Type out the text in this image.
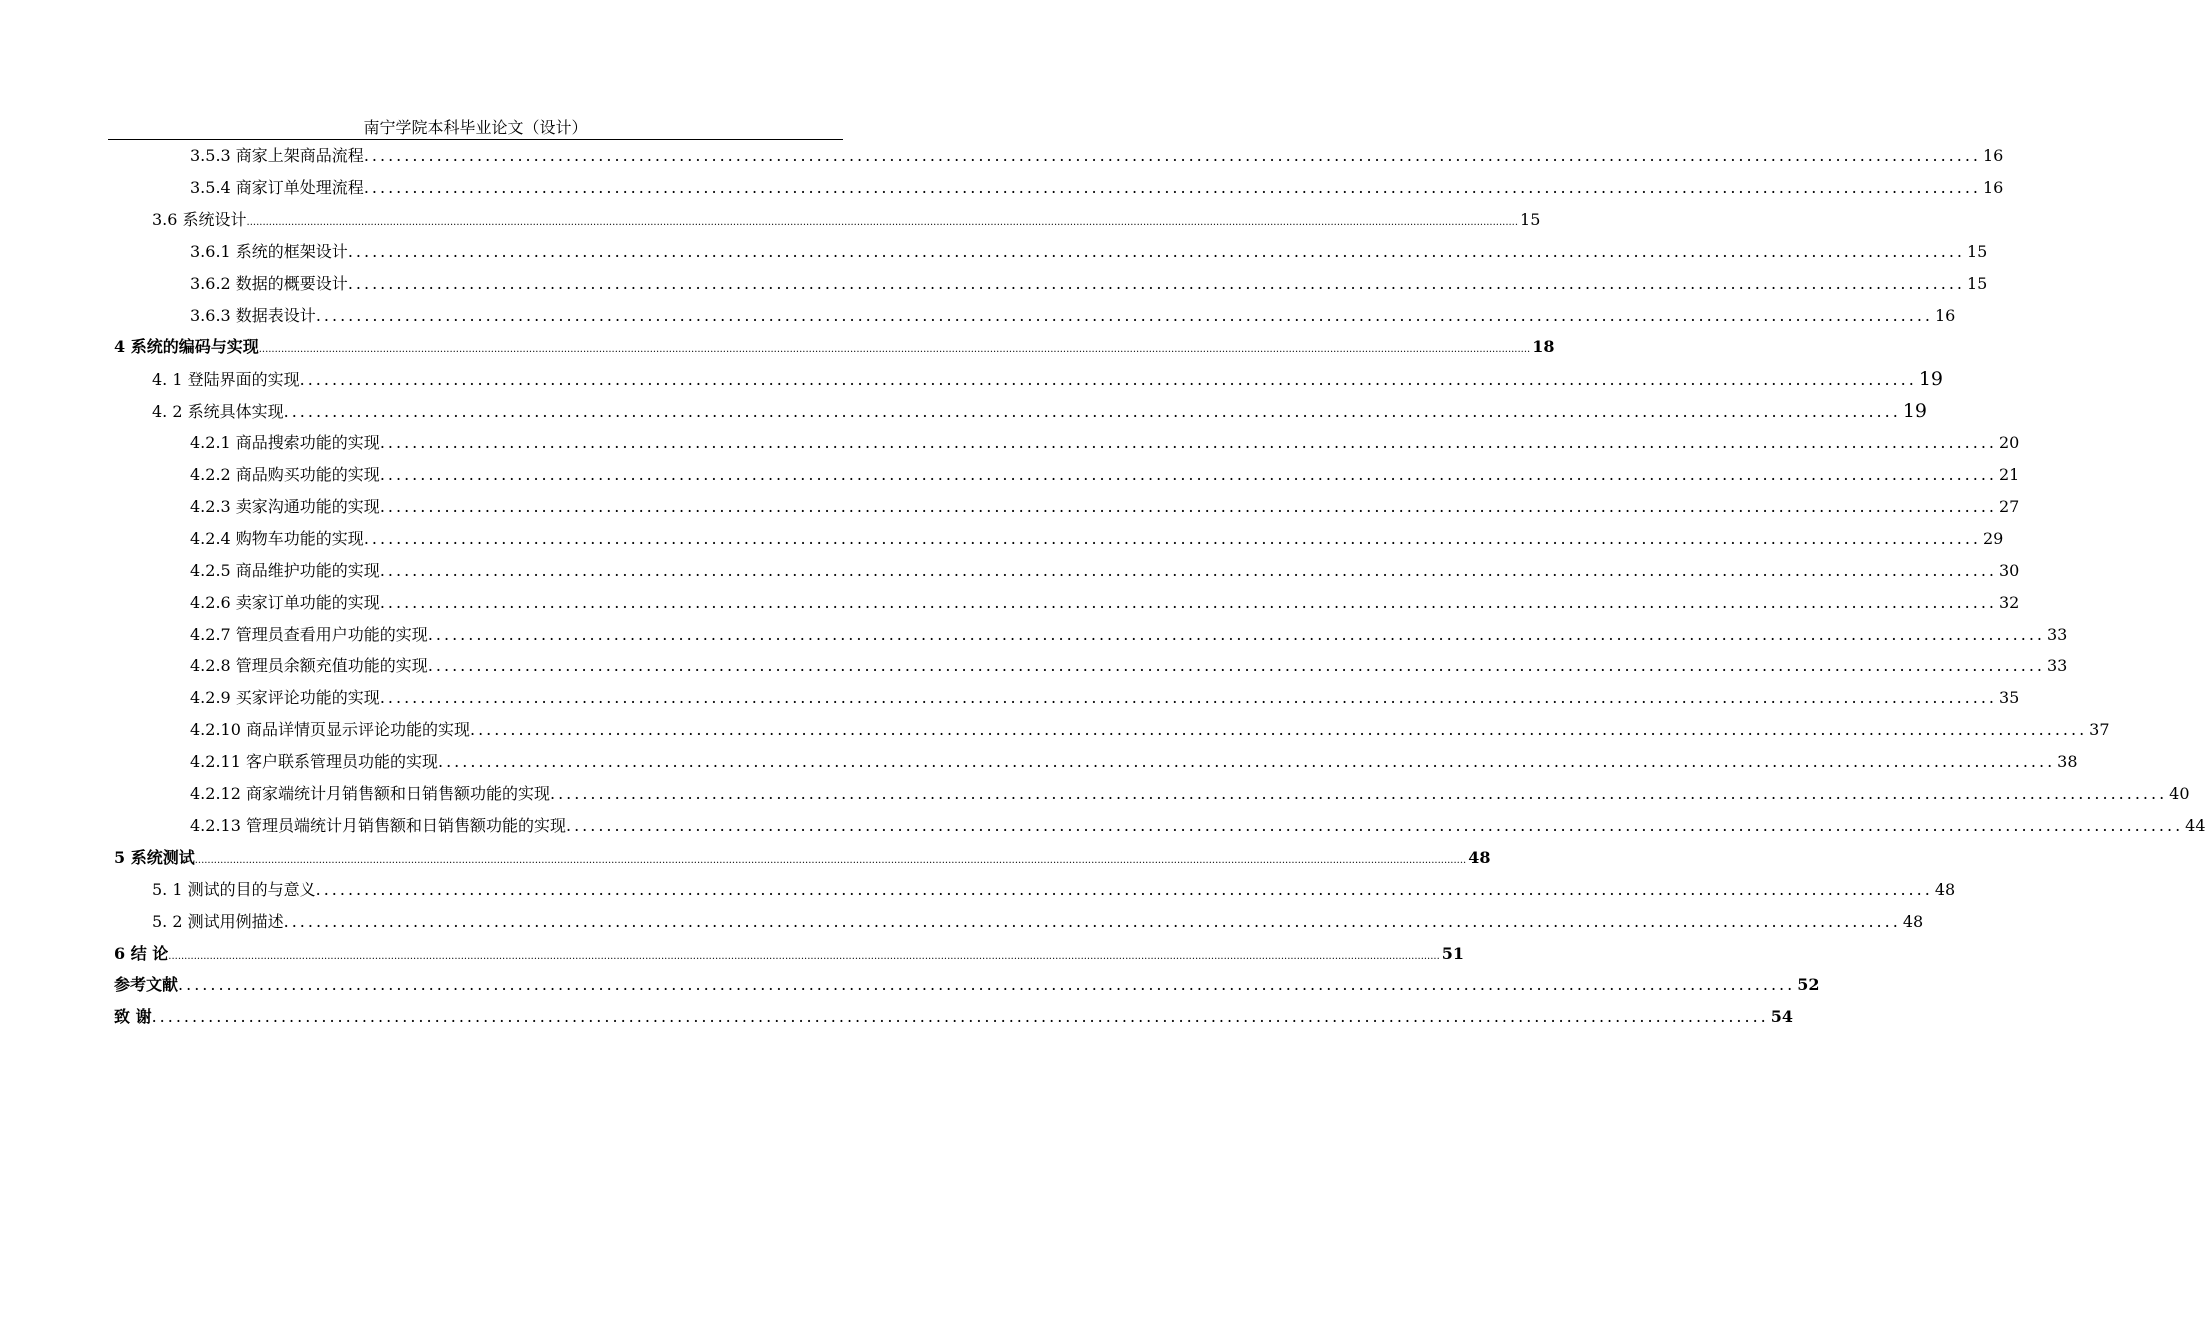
南宁学院本科毕业论文（设计）
3.5.3 商家上架商品流程 ........................................................................................................................................................................................................ 16
3.5.4 商家订单处理流程 ........................................................................................................................................................................................................ 16
3.6 系统设计 ................................................................................................................................................................................................................................................................................................................................................................................................................ 15
3.6.1 系统的框架设计 ........................................................................................................................................................................................................ 15
3.6.2 数据的概要设计 ........................................................................................................................................................................................................ 15
3.6.3 数据表设计 ........................................................................................................................................................................................................ 16
4 系统的编码与实现 ................................................................................................................................................................................................................................................................................................................................................................................................................ 18
4. 1 登陆界面的实现 ........................................................................................................................................................................................................ 19
4. 2 系统具体实现 ........................................................................................................................................................................................................ 19
4.2.1 商品搜索功能的实现 ........................................................................................................................................................................................................ 20
4.2.2 商品购买功能的实现 ........................................................................................................................................................................................................ 21
4.2.3 卖家沟通功能的实现 ........................................................................................................................................................................................................ 27
4.2.4 购物车功能的实现 ........................................................................................................................................................................................................ 29
4.2.5 商品维护功能的实现 ........................................................................................................................................................................................................ 30
4.2.6 卖家订单功能的实现 ........................................................................................................................................................................................................ 32
4.2.7 管理员查看用户功能的实现 ........................................................................................................................................................................................................ 33
4.2.8 管理员余额充值功能的实现 ........................................................................................................................................................................................................ 33
4.2.9 买家评论功能的实现 ........................................................................................................................................................................................................ 35
4.2.10 商品详情页显示评论功能的实现 ........................................................................................................................................................................................................ 37
4.2.11 客户联系管理员功能的实现 ........................................................................................................................................................................................................ 38
4.2.12 商家端统计月销售额和日销售额功能的实现 ........................................................................................................................................................................................................ 40
4.2.13 管理员端统计月销售额和日销售额功能的实现 ........................................................................................................................................................................................................ 44
5 系统测试 ................................................................................................................................................................................................................................................................................................................................................................................................................ 48
5. 1 测试的目的与意义 ........................................................................................................................................................................................................ 48
5. 2 测试用例描述 ........................................................................................................................................................................................................ 48
6 结 论 ................................................................................................................................................................................................................................................................................................................................................................................................................ 51
参考文献 ........................................................................................................................................................................................................ 52
致 谢 ........................................................................................................................................................................................................ 54
